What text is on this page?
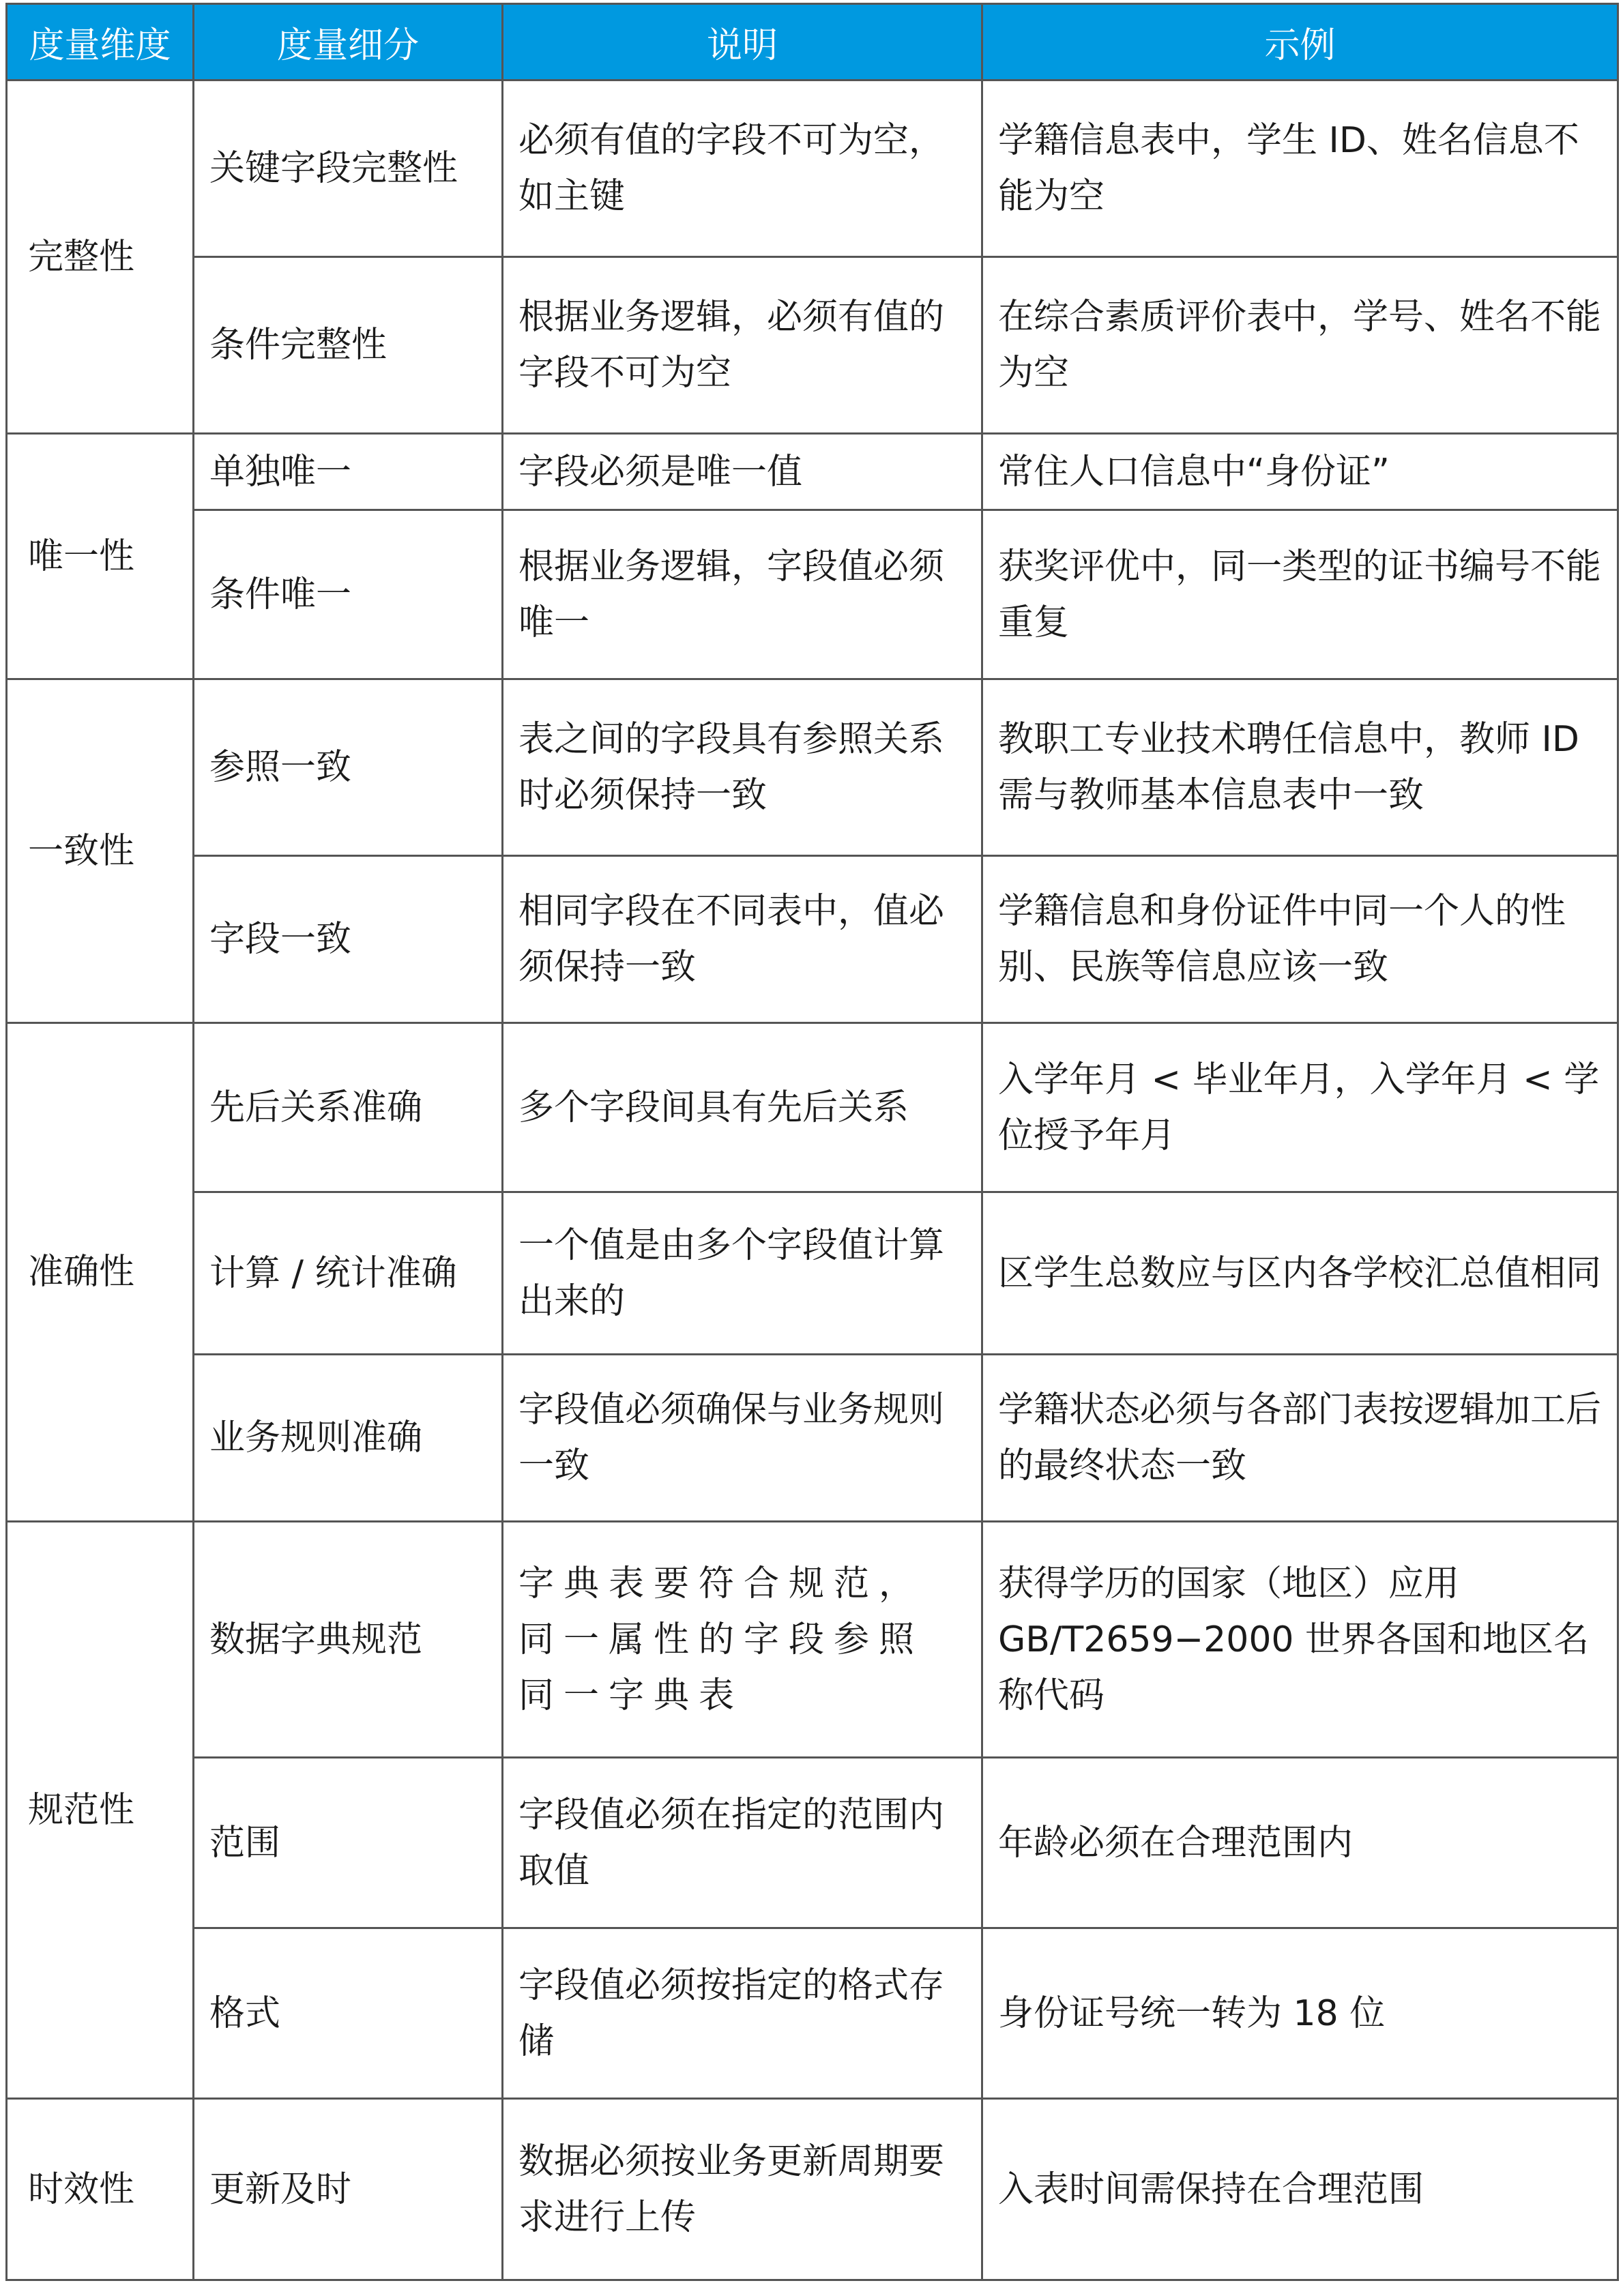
度量维度	度量细分	说明	示例
完整性	关键字段完整性	必须有值的字段不可为空，如主键	学籍信息表中，学生 ID、姓名信息不能为空
	条件完整性	根据业务逻辑，必须有值的字段不可为空	在综合素质评价表中，学号、姓名不能为空
唯一性	单独唯一	字段必须是唯一值	常住人口信息中“身份证”
	条件唯一	根据业务逻辑，字段值必须唯一	获奖评优中，同一类型的证书编号不能重复
一致性	参照一致	表之间的字段具有参照关系时必须保持一致	教职工专业技术聘任信息中，教师 ID 需与教师基本信息表中一致
	字段一致	相同字段在不同表中，值必须保持一致	学籍信息和身份证件中同一个人的性别、民族等信息应该一致
准确性	先后关系准确	多个字段间具有先后关系	入学年月 < 毕业年月，入学年月 < 学位授予年月
	计算 / 统计准确	一个值是由多个字段值计算出来的	区学生总数应与区内各学校汇总值相同
	业务规则准确	字段值必须确保与业务规则一致	学籍状态必须与各部门表按逻辑加工后的最终状态一致
规范性	数据字典规范	字典表要符合规范，同一属性的字段参照同一字典表	获得学历的国家（地区）应用 GB/T2659−2000 世界各国和地区名称代码
	范围	字段值必须在指定的范围内取值	年龄必须在合理范围内
	格式	字段值必须按指定的格式存储	身份证号统一转为 18 位
时效性	更新及时	数据必须按业务更新周期要求进行上传	入表时间需保持在合理范围
